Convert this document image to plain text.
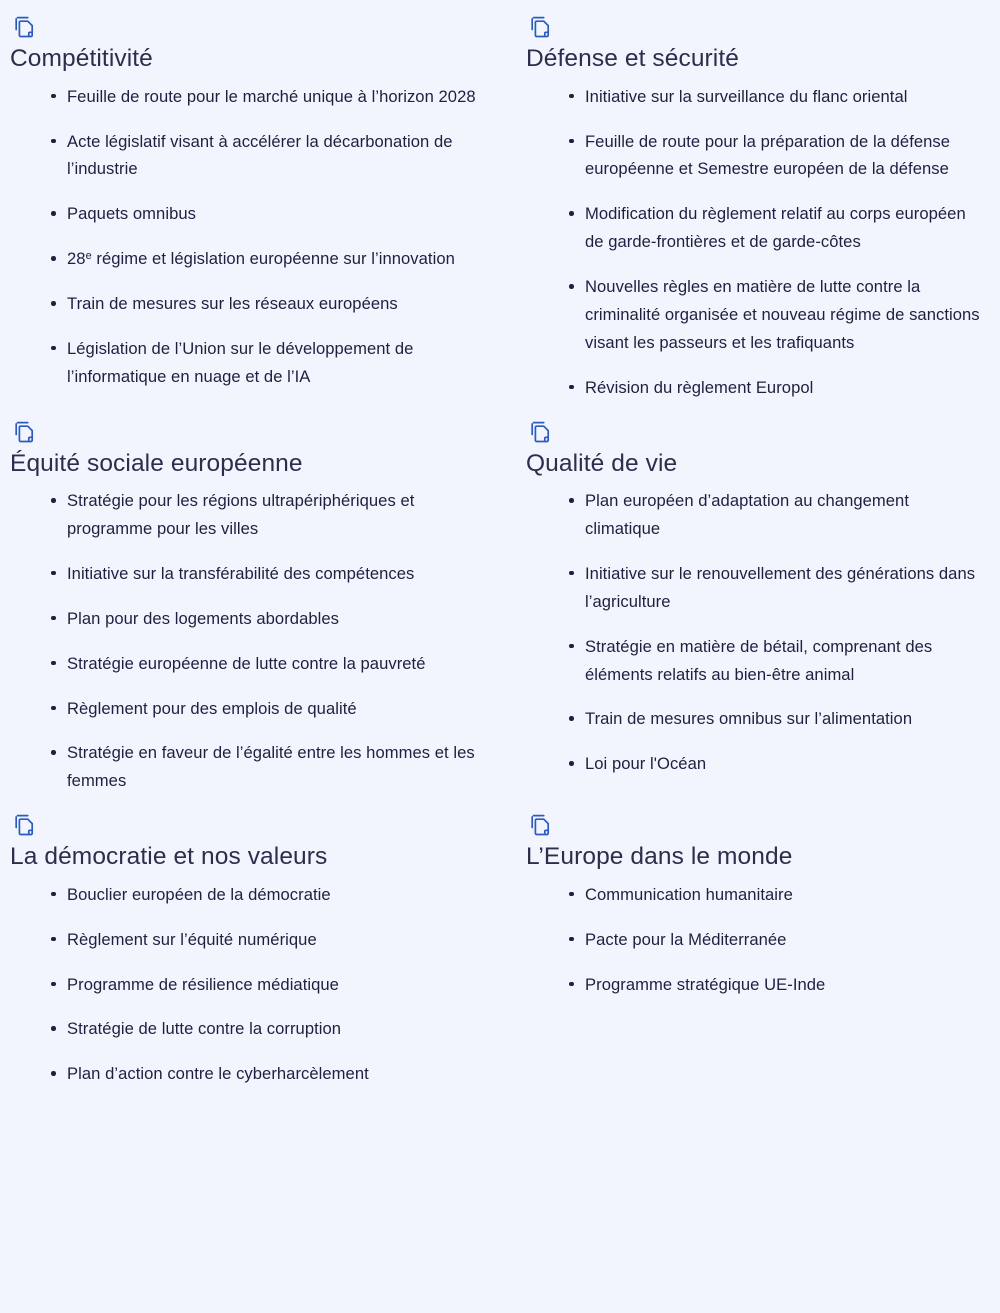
Compétitivité
Feuille de route pour le marché unique à l’horizon 2028
Acte législatif visant à accélérer la décarbonation de l’industrie
Paquets omnibus
28e régime et législation européenne sur l’innovation
Train de mesures sur les réseaux européens
Législation de l’Union sur le développement de l’informatique en nuage et de l’IA
Défense et sécurité
Initiative sur la surveillance du flanc oriental
Feuille de route pour la préparation de la défense européenne et Semestre européen de la défense
Modification du règlement relatif au corps européen de garde-frontières et de garde-côtes
Nouvelles règles en matière de lutte contre la criminalité organisée et nouveau régime de sanctions visant les passeurs et les trafiquants
Révision du règlement Europol
Équité sociale européenne
Stratégie pour les régions ultrapériphériques et programme pour les villes
Initiative sur la transférabilité des compétences
Plan pour des logements abordables
Stratégie européenne de lutte contre la pauvreté
Règlement pour des emplois de qualité
Stratégie en faveur de l’égalité entre les hommes et les femmes
Qualité de vie
Plan européen d’adaptation au changement climatique
Initiative sur le renouvellement des générations dans l’agriculture
Stratégie en matière de bétail, comprenant des éléments relatifs au bien-être animal
Train de mesures omnibus sur l’alimentation
Loi pour l'Océan
La démocratie et nos valeurs
Bouclier européen de la démocratie
Règlement sur l’équité numérique
Programme de résilience médiatique
Stratégie de lutte contre la corruption
Plan d’action contre le cyberharcèlement
L’Europe dans le monde
Communication humanitaire
Pacte pour la Méditerranée
Programme stratégique UE-Inde
